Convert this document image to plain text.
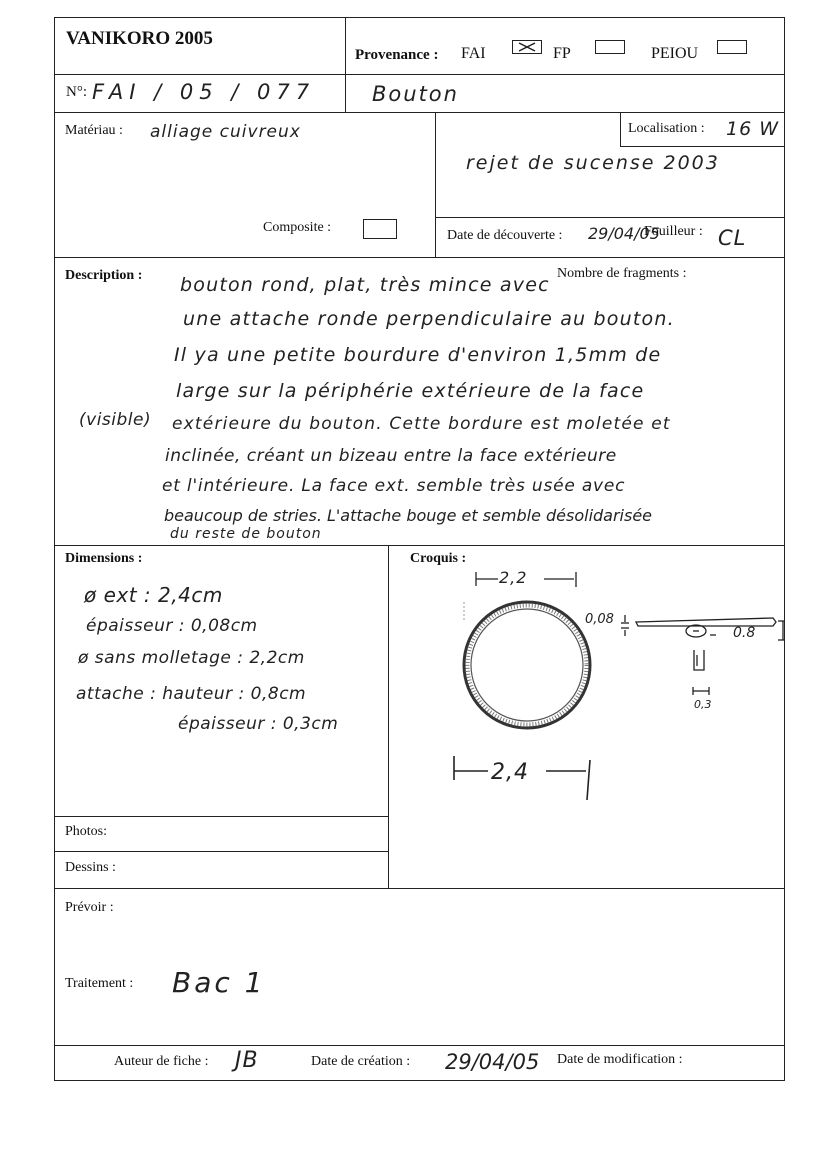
VANIKORO 2005
Provenance : FAI	FP	PEIOU
N°: FAI / 05 / 077	Bouton
Matériau : alliage cuivreux
Composite :
Localisation : 16 W
rejet de sucense 2003
Date de découverte : 29/04/05
Fouilleur : CL
Description :	Nombre de fragments :
(visible)
bouton rond, plat, très mince avec
une attache ronde perpendiculaire au bouton.
Il ya une petite bourdure d'environ 1,5mm de
large sur la périphérie extérieure de la face
extérieure du bouton. Cette bordure est moletée et
inclinée, créant un bizeau entre la face extérieure
et l'intérieure. La face ext. semble très usée avec
beaucoup de stries. L'attache bouge et semble désolidarisée
du reste de bouton
Dimensions :
ø ext : 2,4cm
épaisseur : 0,08cm
ø sans molletage : 2,2cm
attache : hauteur : 0,8cm
épaisseur : 0,3cm
Croquis :
2,2
2,4
0,08
0.8
0,3
Photos:
Dessins :
Prévoir :
Traitement : Bac 1
Auteur de fiche : JB	Date de création : 29/04/05 Date de modification :
